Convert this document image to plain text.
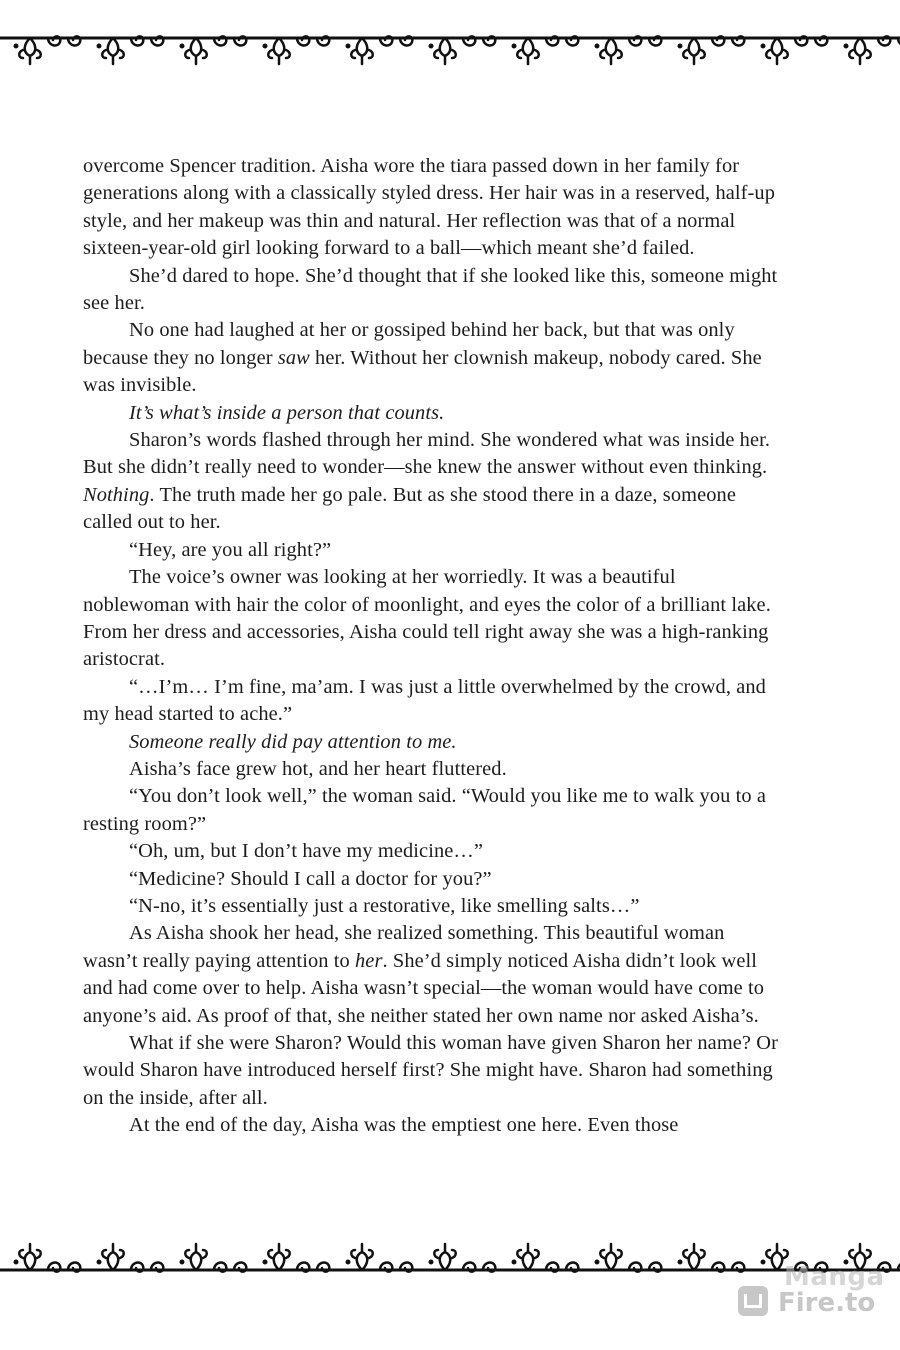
overcome Spencer tradition. Aisha wore the tiara passed down in her family for generations along with a classically styled dress. Her hair was in a reserved, half-up style, and her makeup was thin and natural. Her reflection was that of a normal sixteen-year-old girl looking forward to a ball—which meant she’d failed.

She’d dared to hope. She’d thought that if she looked like this, someone might see her.

No one had laughed at her or gossiped behind her back, but that was only because they no longer saw her. Without her clownish makeup, nobody cared. She was invisible.

It’s what’s inside a person that counts.

Sharon’s words flashed through her mind. She wondered what was inside her. But she didn’t really need to wonder—she knew the answer without even thinking. Nothing. The truth made her go pale. But as she stood there in a daze, someone called out to her.

“Hey, are you all right?”

The voice’s owner was looking at her worriedly. It was a beautiful noblewoman with hair the color of moonlight, and eyes the color of a brilliant lake. From her dress and accessories, Aisha could tell right away she was a high-ranking aristocrat.

“…I’m… I’m fine, ma’am. I was just a little overwhelmed by the crowd, and my head started to ache.”

Someone really did pay attention to me.

Aisha’s face grew hot, and her heart fluttered.

“You don’t look well,” the woman said. “Would you like me to walk you to a resting room?”

“Oh, um, but I don’t have my medicine…”

“Medicine? Should I call a doctor for you?”

“N-no, it’s essentially just a restorative, like smelling salts…”

As Aisha shook her head, she realized something. This beautiful woman wasn’t really paying attention to her. She’d simply noticed Aisha didn’t look well and had come over to help. Aisha wasn’t special—the woman would have come to anyone’s aid. As proof of that, she neither stated her own name nor asked Aisha’s.

What if she were Sharon? Would this woman have given Sharon her name? Or would Sharon have introduced herself first? She might have. Sharon had something on the inside, after all.

At the end of the day, Aisha was the emptiest one here. Even those

Manga
Fire.to
